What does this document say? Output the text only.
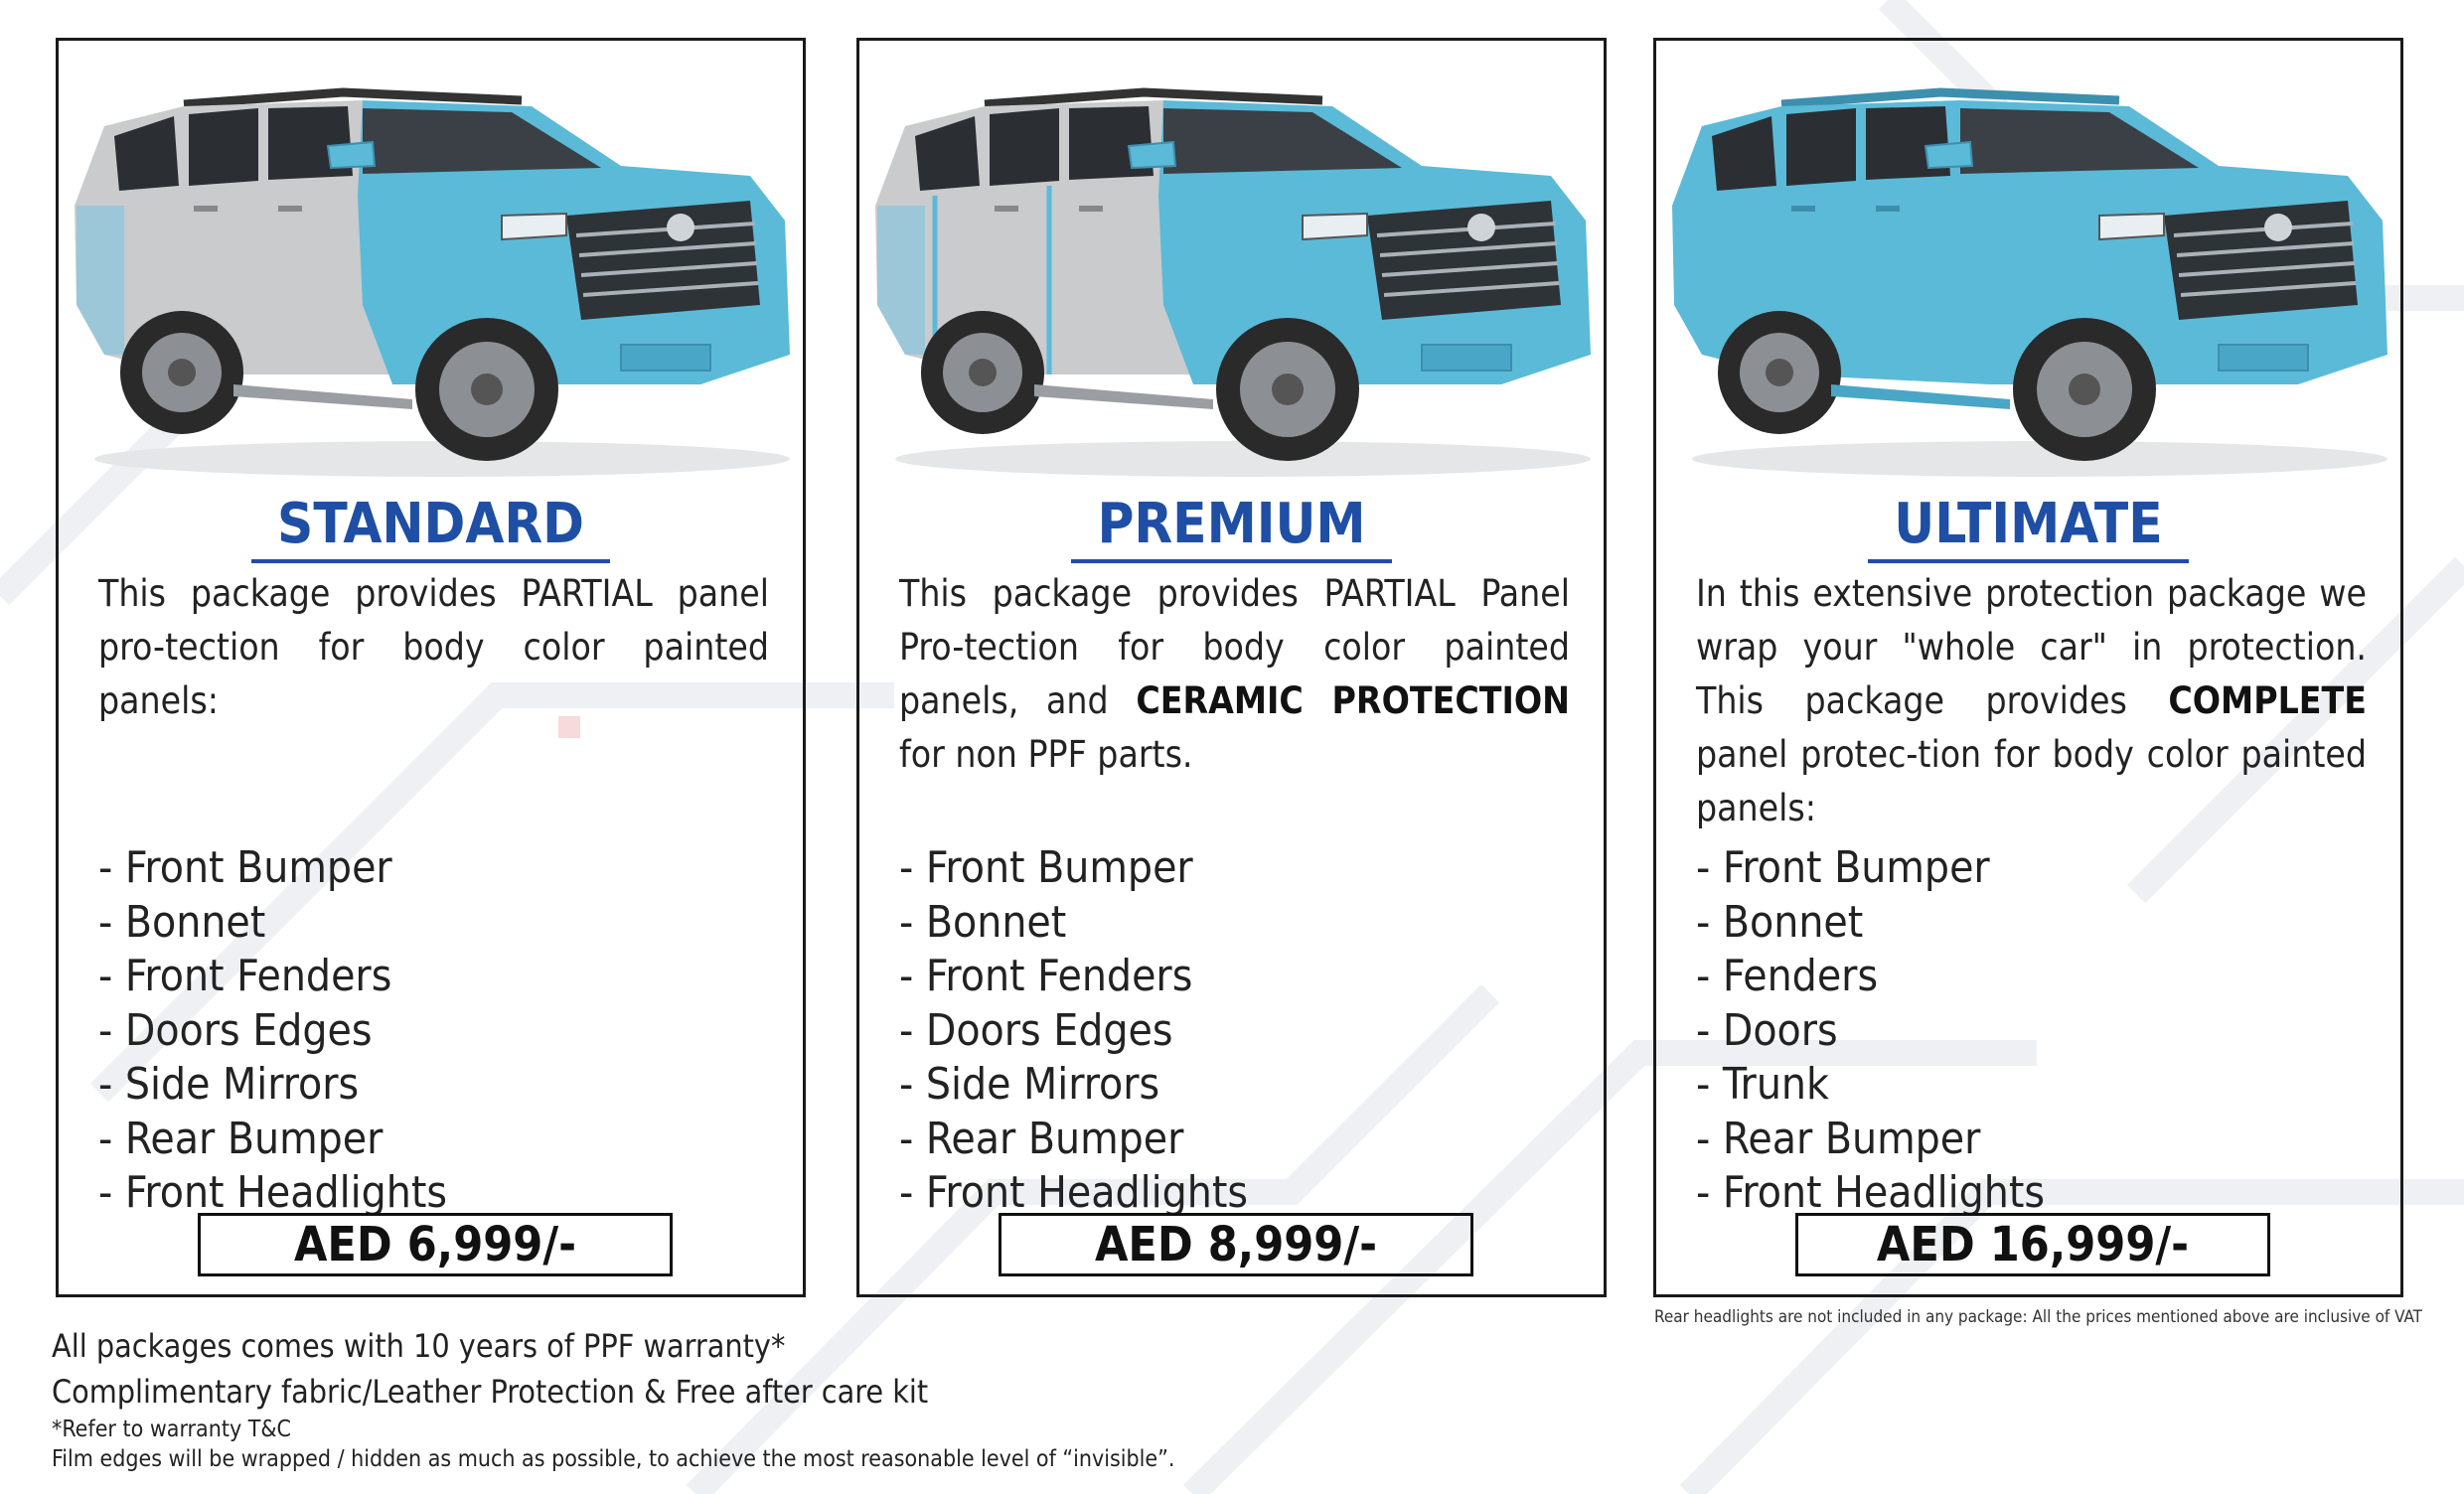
STANDARD
This package provides PARTIAL panel pro-tection for body color painted panels:
- Front Bumper
- Bonnet
- Front Fenders
- Doors Edges
- Side Mirrors
- Rear Bumper
- Front Headlights
AED 6,999/-
PREMIUM
This package provides PARTIAL Panel Pro-tection for body color painted panels, and CERAMIC PROTECTION for non PPF parts.
- Front Bumper
- Bonnet
- Front Fenders
- Doors Edges
- Side Mirrors
- Rear Bumper
- Front Headlights
AED 8,999/-
ULTIMATE
In this extensive protection package we wrap your "whole car" in protection. This package provides COMPLETE panel protec-tion for body color painted panels:
- Front Bumper
- Bonnet
- Fenders
- Doors
- Trunk
- Rear Bumper
- Front Headlights
AED 16,999/-
Rear headlights are not included in any package: All the prices mentioned above are inclusive of VAT
All packages comes with 10 years of PPF warranty*
Complimentary fabric/Leather Protection & Free after care kit
*Refer to warranty T&C
Film edges will be wrapped / hidden as much as possible, to achieve the most reasonable level of “invisible”.
